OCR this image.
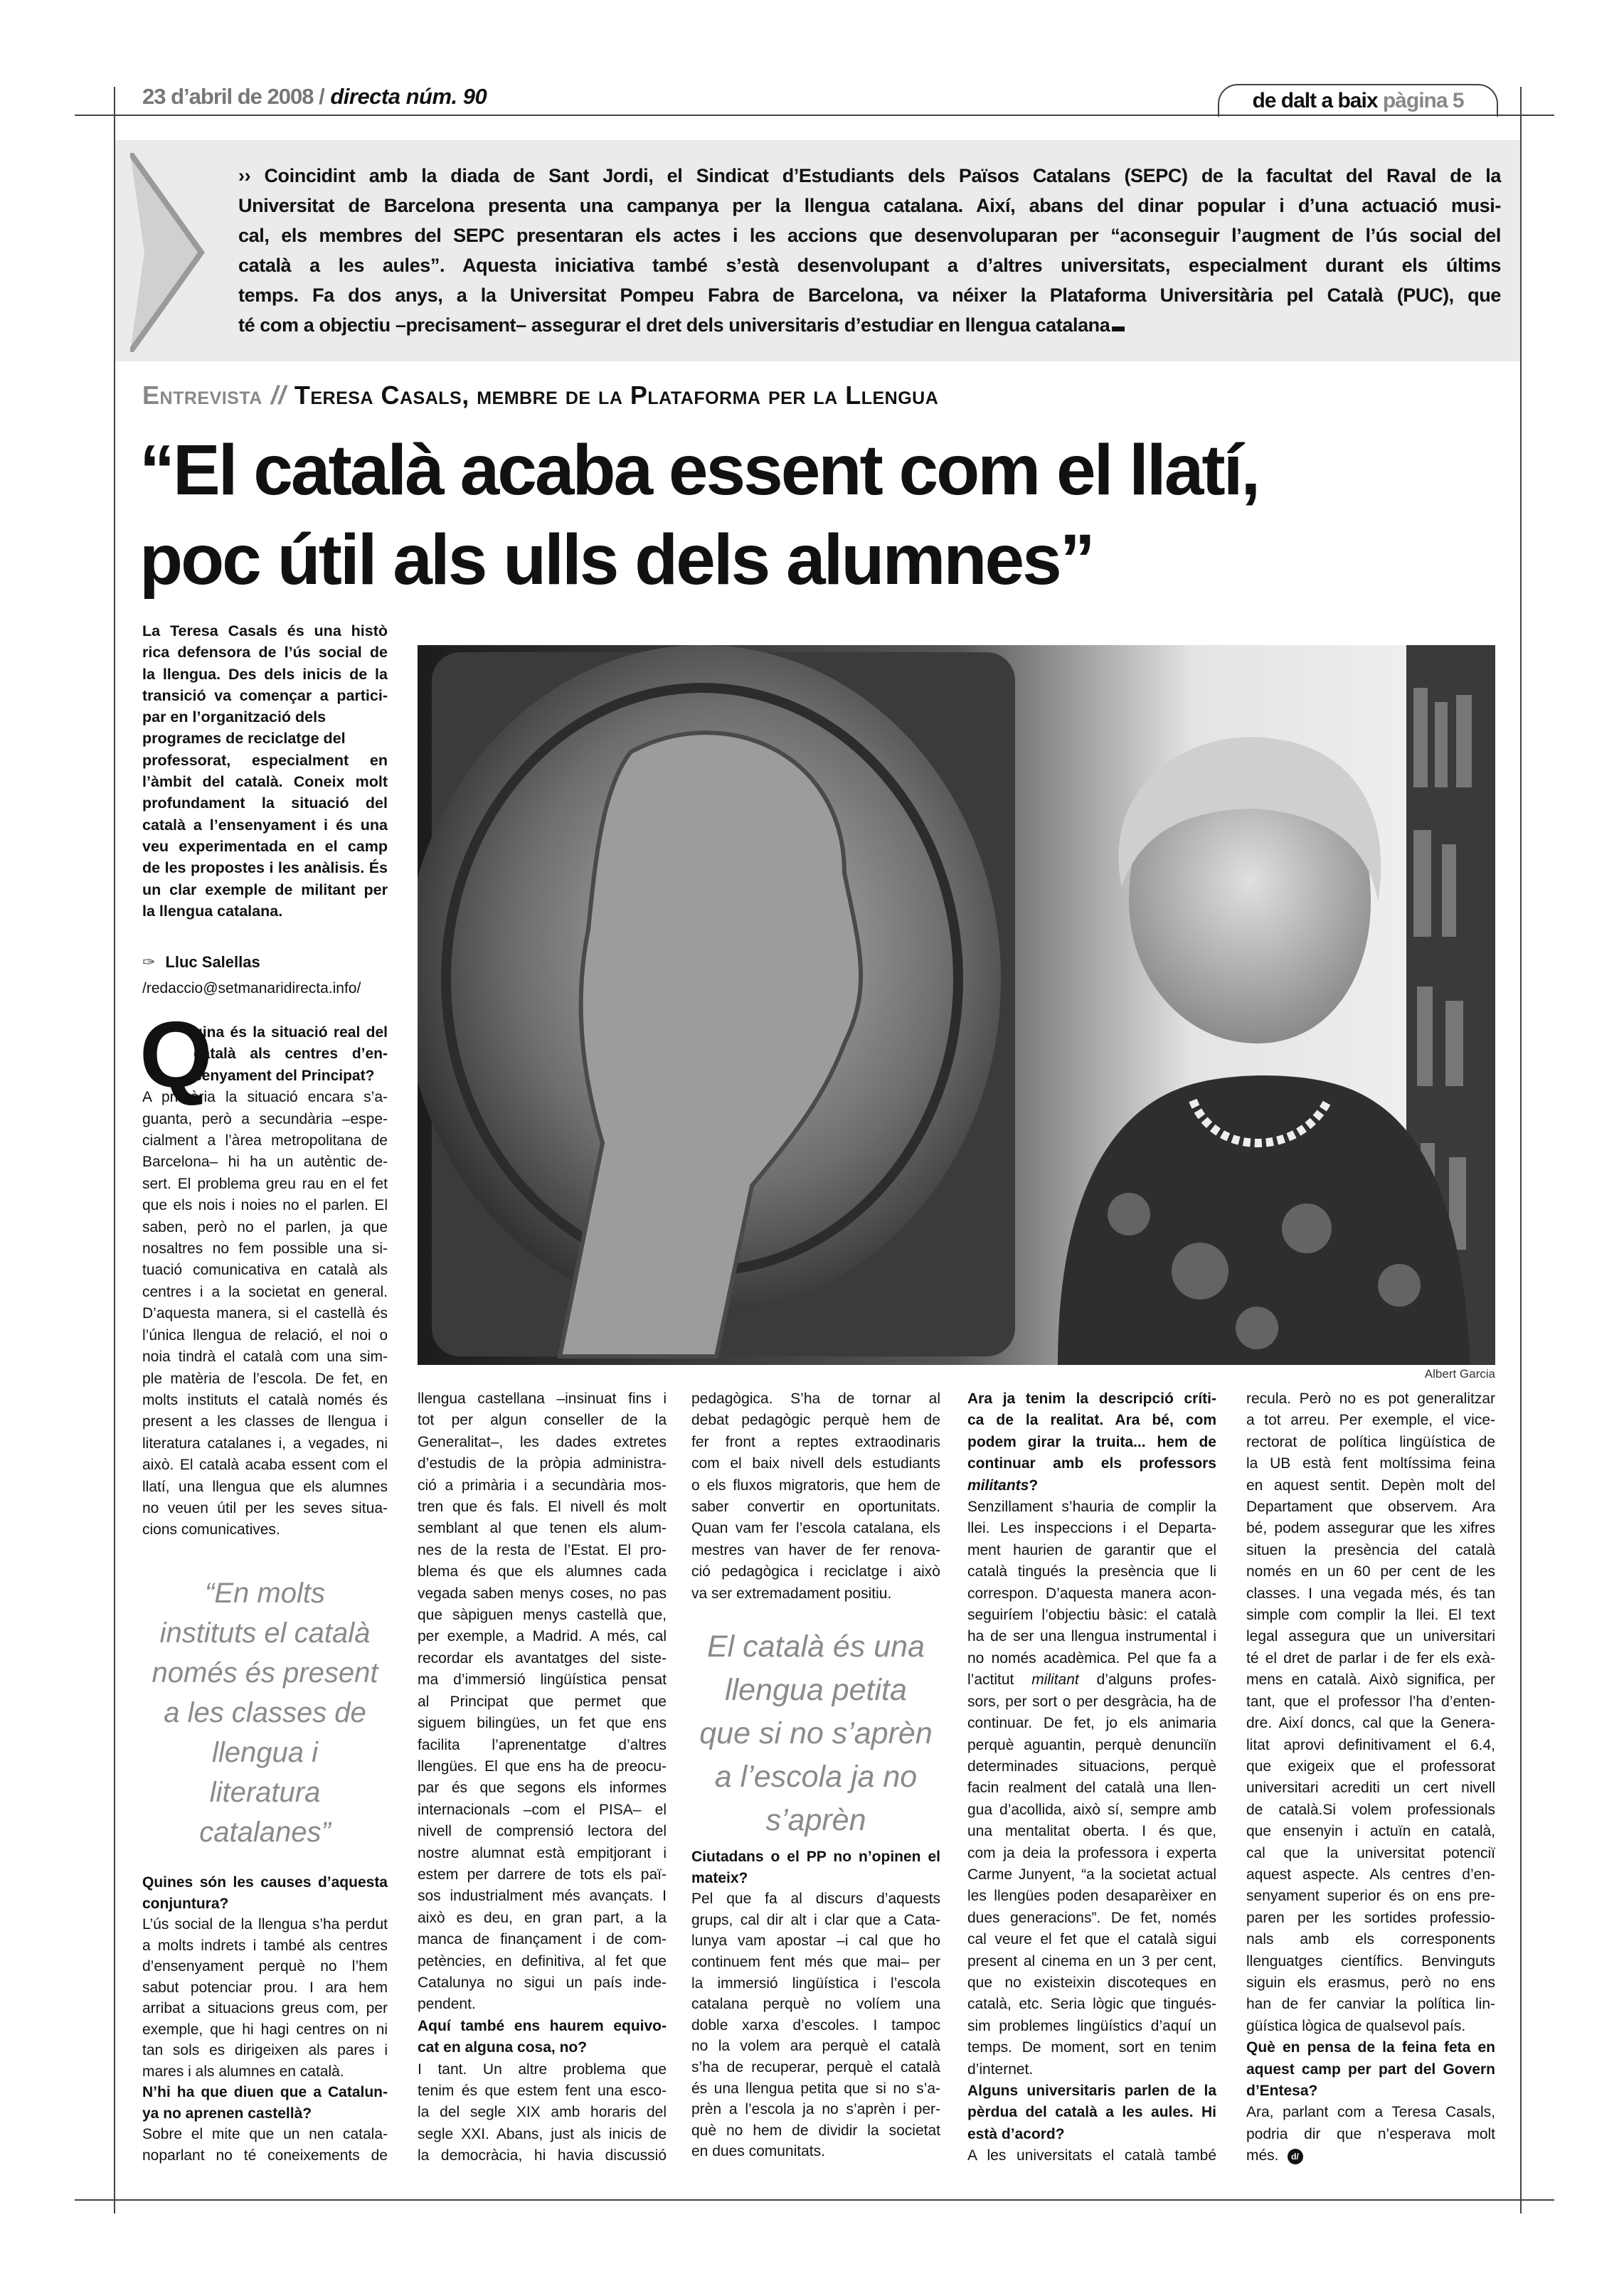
23 d’abril de 2008 / directa núm. 90	de dalt a baix pàgina 5
›› Coincidint amb la diada de Sant Jordi, el Sindicat d’Estudiants dels Països Catalans (SEPC) de la facultat del Raval de la
Universitat de Barcelona presenta una campanya per la llengua catalana. Així, abans del dinar popular i d’una actuació musi-
cal, els membres del SEPC presentaran els actes i les accions que desenvoluparan per “aconseguir l’augment de l’ús social del
català a les aules”. Aquesta iniciativa també s’està desenvolupant a d’altres universitats, especialment durant els últims
temps. Fa dos anys, a la Universitat Pompeu Fabra de Barcelona, va néixer la Plataforma Universitària pel Català (PUC), que
té com a objectiu –precisament– assegurar el dret dels universitaris d’estudiar en llengua catalana
Entrevista // Teresa Casals, membre de la Plataforma per la Llengua
“El català acaba essent com el llatí,
poc útil als ulls dels alumnes”
La Teresa Casals és una histò
rica defensora de l’ús social de
la llengua. Des dels inicis de la
transició va començar a partici-
par en l’organització dels
programes de reciclatge del
professorat, especialment en
l’àmbit del català. Coneix molt
profundament la situació del
català a l’ensenyament i és una
veu experimentada en el camp
de les propostes i les anàlisis. És
un clar exemple de militant per
la llengua catalana.
✑ Lluc Salellas
/redaccio@setmanaridirecta.info/
Albert Garcia
Q
uina és la situació real del
català als centres d’en-
senyament del Principat?
A primària la situació encara s’a-
guanta, però a secundària –espe-
cialment a l’àrea metropolitana de
Barcelona– hi ha un autèntic de-
sert. El problema greu rau en el fet
que els nois i noies no el parlen. El
saben, però no el parlen, ja que
nosaltres no fem possible una si-
tuació comunicativa en català als
centres i a la societat en general.
D’aquesta manera, si el castellà és
l’única llengua de relació, el noi o
noia tindrà el català com una sim-
ple matèria de l’escola. De fet, en
molts instituts el català només és
present a les classes de llengua i
literatura catalanes i, a vegades, ni
això. El català acaba essent com el
llatí, una llengua que els alumnes
no veuen útil per les seves situa-
cions comunicatives.
“En molts
instituts el català
només és present
a les classes de
llengua i
literatura
catalanes”
Quines són les causes d’aquesta
conjuntura?
L’ús social de la llengua s’ha perdut
a molts indrets i també als centres
d’ensenyament perquè no l’hem
sabut potenciar prou. I ara hem
arribat a situacions greus com, per
exemple, que hi hagi centres on ni
tan sols es dirigeixen als pares i
mares i als alumnes en català.
N’hi ha que diuen que a Catalun-
ya no aprenen castellà?
Sobre el mite que un nen catala-
noparlant no té coneixements de
llengua castellana –insinuat fins i
tot per algun conseller de la
Generalitat–, les dades extretes
d’estudis de la pròpia administra-
ció a primària i a secundària mos-
tren que és fals. El nivell és molt
semblant al que tenen els alum-
nes de la resta de l’Estat. El pro-
blema és que els alumnes cada
vegada saben menys coses, no pas
que sàpiguen menys castellà que,
per exemple, a Madrid. A més, cal
recordar els avantatges del siste-
ma d’immersió lingüística pensat
al Principat que permet que
siguem bilingües, un fet que ens
facilita l’aprenentatge d’altres
llengües. El que ens ha de preocu-
par és que segons els informes
internacionals –com el PISA– el
nivell de comprensió lectora del
nostre alumnat està empitjorant i
estem per darrere de tots els paï-
sos industrialment més avançats. I
això es deu, en gran part, a la
manca de finançament i de com-
petències, en definitiva, al fet que
Catalunya no sigui un país inde-
pendent.
Aquí també ens haurem equivo-
cat en alguna cosa, no?
I tant. Un altre problema que
tenim és que estem fent una esco-
la del segle XIX amb horaris del
segle XXI. Abans, just als inicis de
la democràcia, hi havia discussió
pedagògica. S’ha de tornar al
debat pedagògic perquè hem de
fer front a reptes extraodinaris
com el baix nivell dels estudiants
o els fluxos migratoris, que hem de
saber convertir en oportunitats.
Quan vam fer l’escola catalana, els
mestres van haver de fer renova-
ció pedagògica i reciclatge i això
va ser extremadament positiu.
El català és una
llengua petita
que si no s’aprèn
a l’escola ja no
s’aprèn
Ciutadans o el PP no n’opinen el
mateix?
Pel que fa al discurs d’aquests
grups, cal dir alt i clar que a Cata-
lunya vam apostar –i cal que ho
continuem fent més que mai– per
la immersió lingüística i l’escola
catalana perquè no volíem una
doble xarxa d’escoles. I tampoc
no la volem ara perquè el català
s’ha de recuperar, perquè el català
és una llengua petita que si no s’a-
prèn a l’escola ja no s’aprèn i per-
què no hem de dividir la societat
en dues comunitats.
Ara ja tenim la descripció críti-
ca de la realitat. Ara bé, com
podem girar la truita... hem de
continuar amb els professors
militants?
Senzillament s’hauria de complir la
llei. Les inspeccions i el Departa-
ment haurien de garantir que el
català tingués la presència que li
correspon. D’aquesta manera acon-
seguiríem l’objectiu bàsic: el català
ha de ser una llengua instrumental i
no només acadèmica. Pel que fa a
l’actitut militant d’alguns profes-
sors, per sort o per desgràcia, ha de
continuar. De fet, jo els animaria
perquè aguantin, perquè denunciïn
determinades situacions, perquè
facin realment del català una llen-
gua d’acollida, això sí, sempre amb
una mentalitat oberta. I és que,
com ja deia la professora i experta
Carme Junyent, “a la societat actual
les llengües poden desaparèixer en
dues generacions”. De fet, només
cal veure el fet que el català sigui
present al cinema en un 3 per cent,
que no existeixin discoteques en
català, etc. Seria lògic que tingués-
sim problemes lingüístics d’aquí un
temps. De moment, sort en tenim
d’internet.
Alguns universitaris parlen de la
pèrdua del català a les aules. Hi
està d’acord?
A les universitats el català també
recula. Però no es pot generalitzar
a tot arreu. Per exemple, el vice-
rectorat de política lingüística de
la UB està fent moltíssima feina
en aquest sentit. Depèn molt del
Departament que observem. Ara
bé, podem assegurar que les xifres
situen la presència del català
només en un 60 per cent de les
classes. I una vegada més, és tan
simple com complir la llei. El text
legal assegura que un universitari
té el dret de parlar i de fer els exà-
mens en català. Això significa, per
tant, que el professor l’ha d’enten-
dre. Així doncs, cal que la Genera-
litat aprovi definitivament el 6.4,
que exigeix que el professorat
universitari acrediti un cert nivell
de català.Si volem professionals
que ensenyin i actuïn en català,
cal que la universitat potenciï
aquest aspecte. Als centres d’en-
senyament superior és on ens pre-
paren per les sortides professio-
nals amb els corresponents
llenguatges científics. Benvinguts
siguin els erasmus, però no ens
han de fer canviar la política lin-
güística lògica de qualsevol país.
Què en pensa de la feina feta en
aquest camp per part del Govern
d’Entesa?
Ara, parlant com a Teresa Casals,
podria dir que n’esperava molt
més. d/
